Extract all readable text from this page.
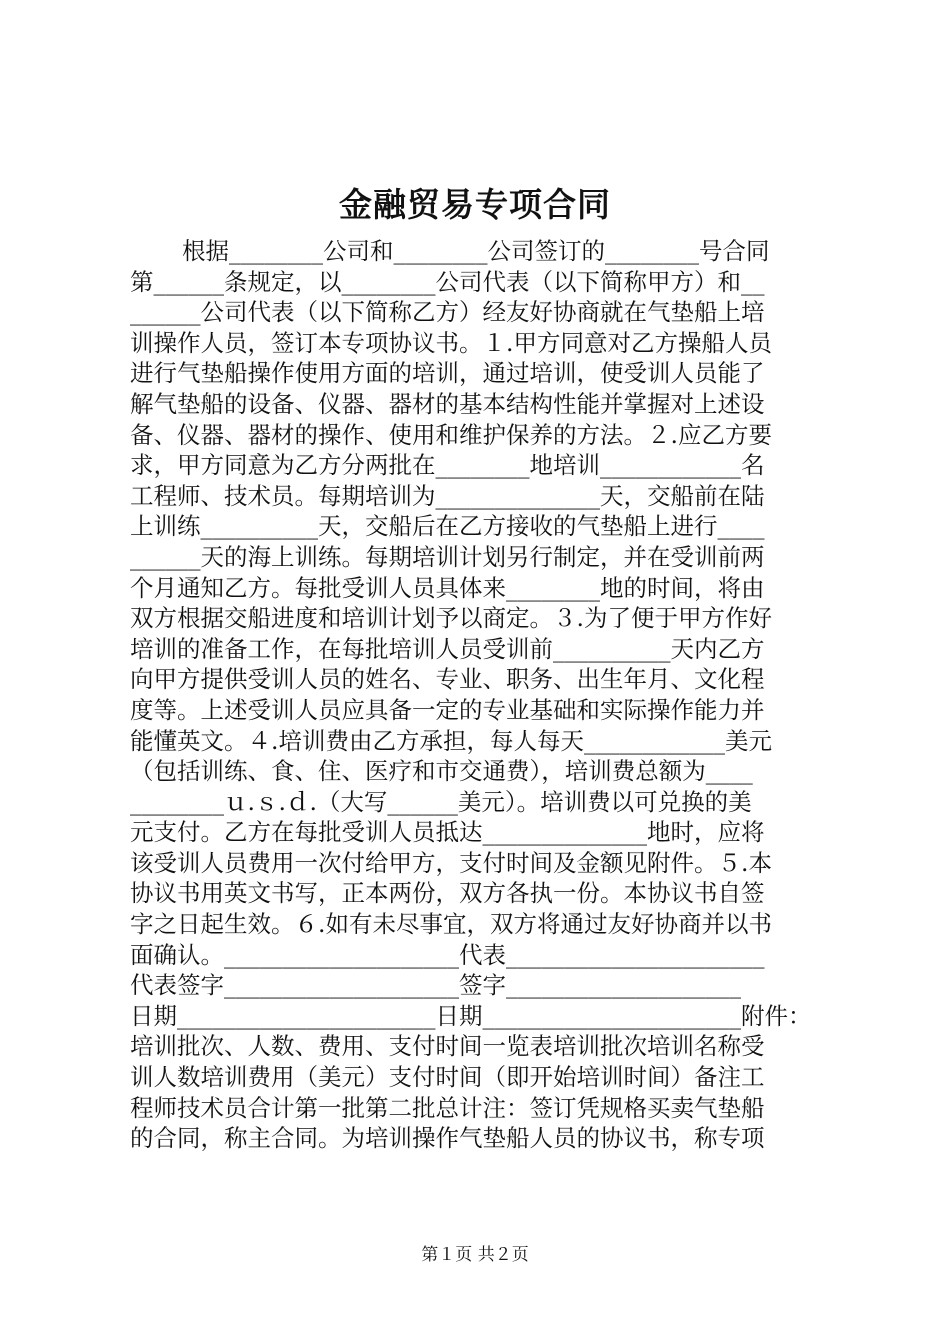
金融贸易专项合同
根据________公司和________公司签订的________号合同
第______条规定，以________公司代表（以下简称甲方）和__
______公司代表（以下简称乙方）经友好协商就在气垫船上培
训操作人员，签订本专项协议书。１.甲方同意对乙方操船人员
进行气垫船操作使用方面的培训，通过培训，使受训人员能了
解气垫船的设备、仪器、器材的基本结构性能并掌握对上述设
备、仪器、器材的操作、使用和维护保养的方法。２.应乙方要
求，甲方同意为乙方分两批在________地培训____________名
工程师、技术员。每期培训为______________天，交船前在陆
上训练__________天，交船后在乙方接收的气垫船上进行____
______天的海上训练。每期培训计划另行制定，并在受训前两
个月通知乙方。每批受训人员具体来________地的时间，将由
双方根据交船进度和培训计划予以商定。３.为了便于甲方作好
培训的准备工作，在每批培训人员受训前__________天内乙方
向甲方提供受训人员的姓名、专业、职务、出生年月、文化程
度等。上述受训人员应具备一定的专业基础和实际操作能力并
能懂英文。４.培训费由乙方承担，每人每天____________美元
（包括训练、食、住、医疗和市交通费），培训费总额为____
________ｕ.ｓ.ｄ.（大写______美元）。培训费以可兑换的美
元支付。乙方在每批受训人员抵达______________地时，应将
该受训人员费用一次付给甲方，支付时间及金额见附件。５.本
协议书用英文书写，正本两份，双方各执一份。本协议书自签
字之日起生效。６.如有未尽事宜，双方将通过友好协商并以书
面确认。____________________代表______________________
代表签字____________________签字____________________
日期______________________日期______________________附件：
培训批次、人数、费用、支付时间一览表培训批次培训名称受
训人数培训费用（美元）支付时间（即开始培训时间）备注工
程师技术员合计第一批第二批总计注：签订凭规格买卖气垫船
的合同，称主合同。为培训操作气垫船人员的协议书，称专项
第１页 共２页
